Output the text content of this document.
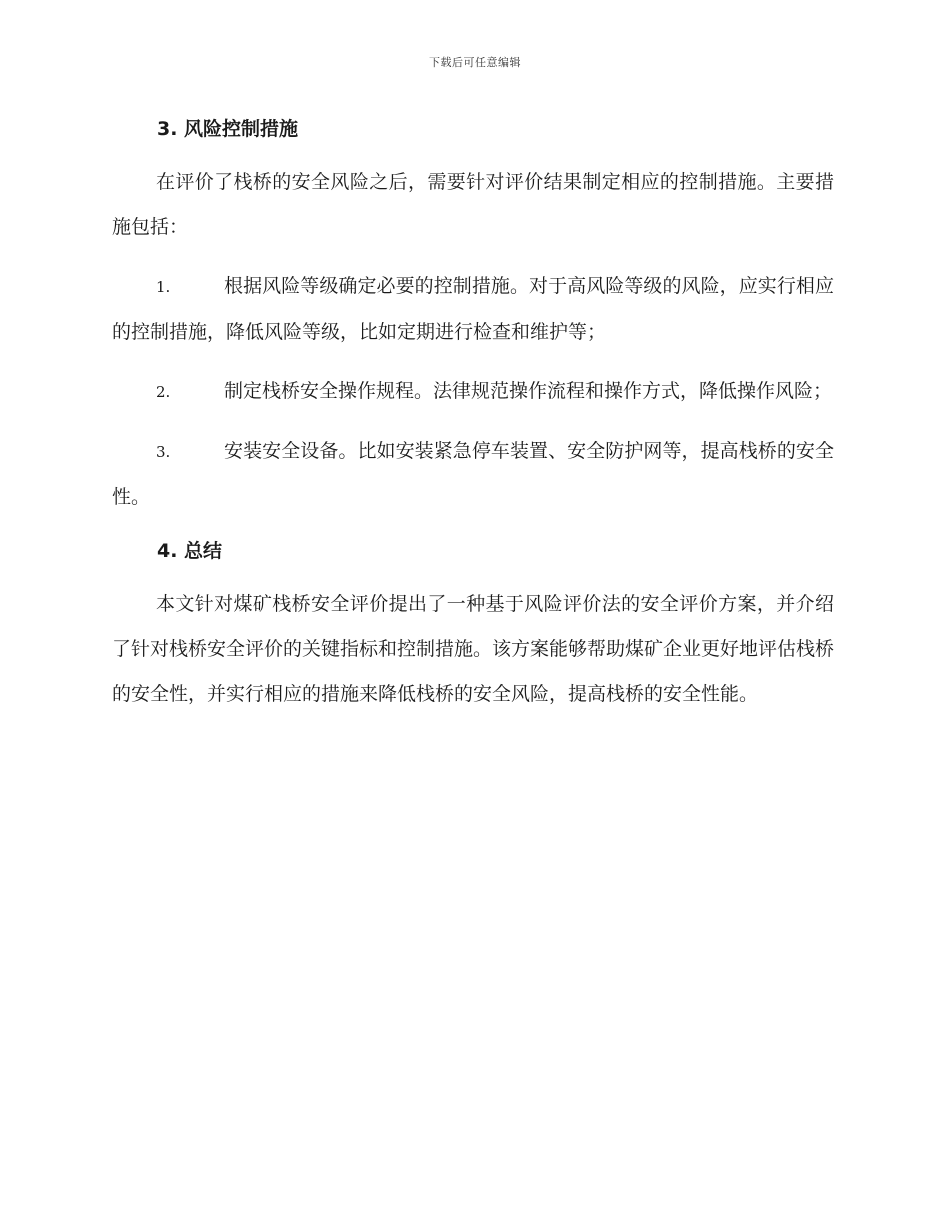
下载后可任意编辑
3. 风险控制措施

在评价了栈桥的安全风险之后，需要针对评价结果制定相应的控制措施。主要措施包括：

1.	根据风险等级确定必要的控制措施。对于高风险等级的风险，应实行相应的控制措施，降低风险等级，比如定期进行检查和维护等；

2.	制定栈桥安全操作规程。法律规范操作流程和操作方式，降低操作风险；

3.	安装安全设备。比如安装紧急停车装置、安全防护网等，提高栈桥的安全性。

4. 总结

本文针对煤矿栈桥安全评价提出了一种基于风险评价法的安全评价方案，并介绍了针对栈桥安全评价的关键指标和控制措施。该方案能够帮助煤矿企业更好地评估栈桥的安全性，并实行相应的措施来降低栈桥的安全风险，提高栈桥的安全性能。
